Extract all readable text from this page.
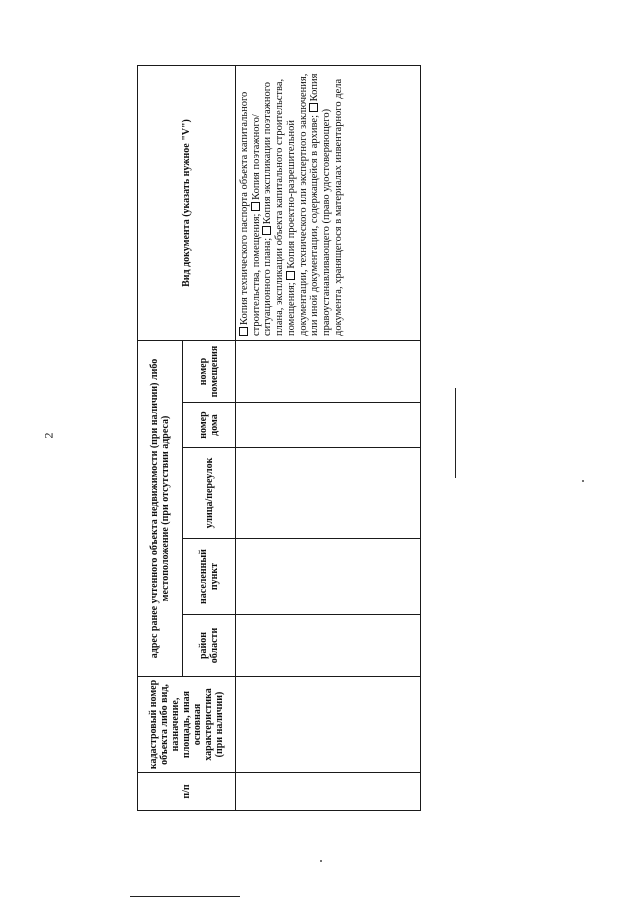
2
п/п	кадастровый номер объекта либо вид, назначение, площадь, иная основная характеристика (при наличии)	адрес ранее учтенного объекта недвижимости (при наличии) либо местоположение (при отсутствии адреса)					Вид документа (указать нужное "V")
		район области	населенный пункт	улица/переулок	номер дома	номер помещения	
							Копия технического паспорта объекта капитального строительства, помещения; Копия поэтажного/ситуационного плана; Копия экспликации поэтажного плана, экспликации объекта капитального строительства, помещения; Копия проектно-разрешительной документации, технического или экспертного заключения, или иной документации, содержащейся в архиве; Копия правоустанавливающего (право удостоверяющего) документа, хранящегося в материалах инвентарного дела
